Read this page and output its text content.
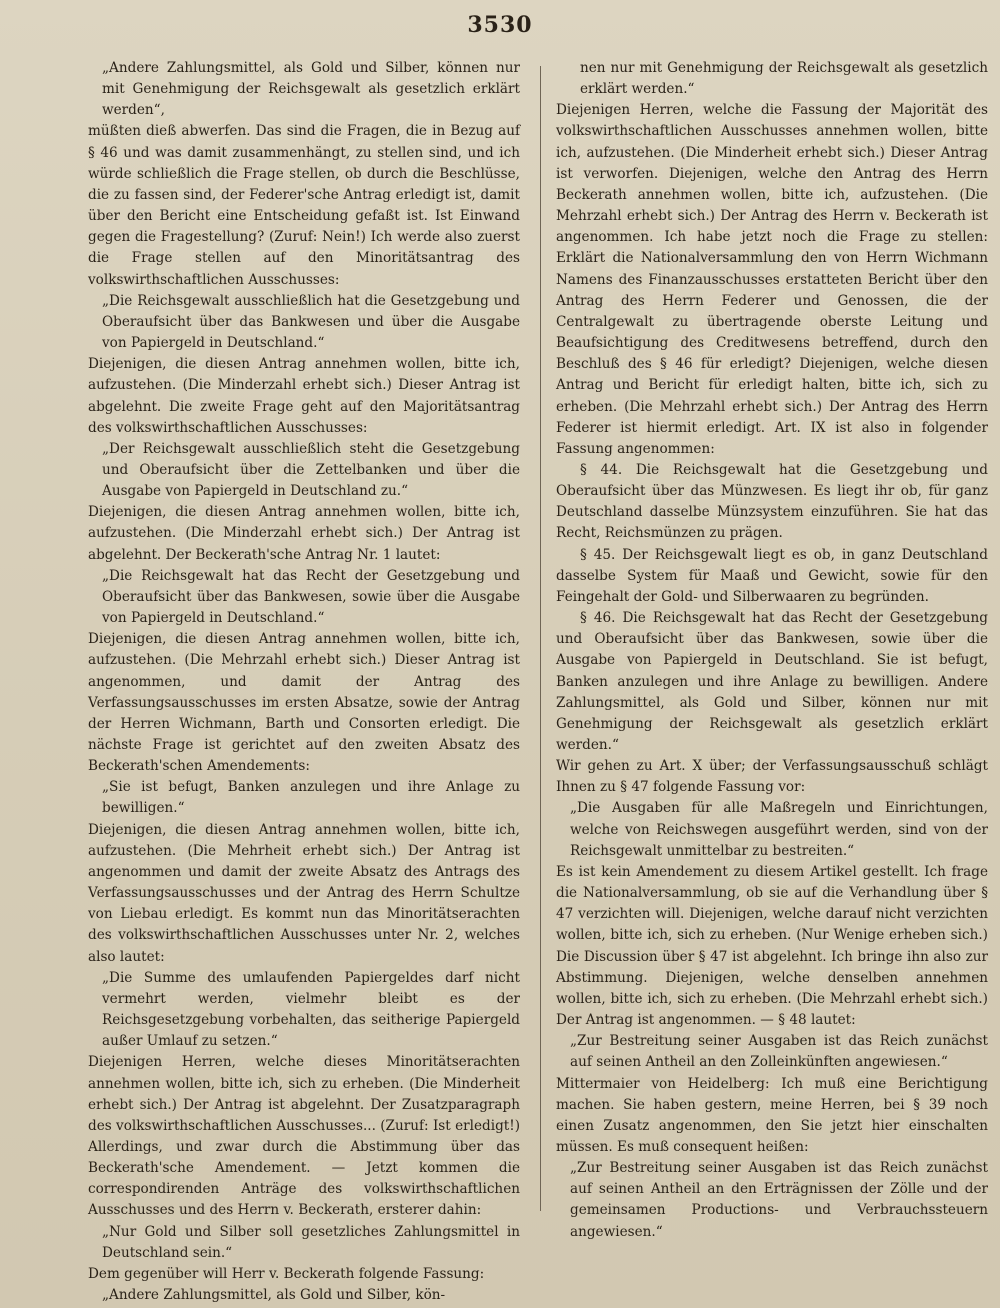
3530

„Andere Zahlungsmittel, als Gold und Silber, können nur mit Genehmigung der Reichsgewalt als gesetzlich erklärt werden“,

müßten dieß abwerfen. Das sind die Fragen, die in Bezug auf § 46 und was damit zusammenhängt, zu stellen sind, und ich würde schließlich die Frage stellen, ob durch die Beschlüsse, die zu fassen sind, der Federer'sche Antrag erledigt ist, damit über den Bericht eine Entscheidung gefaßt ist. Ist Einwand gegen die Fragestellung? (Zuruf: Nein!) Ich werde also zuerst die Frage stellen auf den Minoritätsantrag des volkswirthschaftlichen Ausschusses:

„Die Reichsgewalt ausschließlich hat die Gesetzgebung und Oberaufsicht über das Bankwesen und über die Ausgabe von Papiergeld in Deutschland.“

Diejenigen, die diesen Antrag annehmen wollen, bitte ich, aufzustehen. (Die Minderzahl erhebt sich.) Dieser Antrag ist abgelehnt. Die zweite Frage geht auf den Majoritätsantrag des volkswirthschaftlichen Ausschusses:

„Der Reichsgewalt ausschließlich steht die Gesetzgebung und Oberaufsicht über die Zettelbanken und über die Ausgabe von Papiergeld in Deutschland zu.“

Diejenigen, die diesen Antrag annehmen wollen, bitte ich, aufzustehen. (Die Minderzahl erhebt sich.) Der Antrag ist abgelehnt. Der Beckerath'sche Antrag Nr. 1 lautet:

„Die Reichsgewalt hat das Recht der Gesetzgebung und Oberaufsicht über das Bankwesen, sowie über die Ausgabe von Papiergeld in Deutschland.“

Diejenigen, die diesen Antrag annehmen wollen, bitte ich, aufzustehen. (Die Mehrzahl erhebt sich.) Dieser Antrag ist angenommen, und damit der Antrag des Verfassungsausschusses im ersten Absatze, sowie der Antrag der Herren Wichmann, Barth und Consorten erledigt. Die nächste Frage ist gerichtet auf den zweiten Absatz des Beckerath'schen Amendements:

„Sie ist befugt, Banken anzulegen und ihre Anlage zu bewilligen.“

Diejenigen, die diesen Antrag annehmen wollen, bitte ich, aufzustehen. (Die Mehrheit erhebt sich.) Der Antrag ist angenommen und damit der zweite Absatz des Antrags des Verfassungsausschusses und der Antrag des Herrn Schultze von Liebau erledigt. Es kommt nun das Minoritätserachten des volkswirthschaftlichen Ausschusses unter Nr. 2, welches also lautet:

„Die Summe des umlaufenden Papiergeldes darf nicht vermehrt werden, vielmehr bleibt es der Reichsgesetzgebung vorbehalten, das seitherige Papiergeld außer Umlauf zu setzen.“

Diejenigen Herren, welche dieses Minoritätserachten annehmen wollen, bitte ich, sich zu erheben. (Die Minderheit erhebt sich.) Der Antrag ist abgelehnt. Der Zusatzparagraph des volkswirthschaftlichen Ausschusses... (Zuruf: Ist erledigt!) Allerdings, und zwar durch die Abstimmung über das Beckerath'sche Amendement. — Jetzt kommen die correspondirenden Anträge des volkswirthschaftlichen Ausschusses und des Herrn v. Beckerath, ersterer dahin:

„Nur Gold und Silber soll gesetzliches Zahlungsmittel in Deutschland sein.“

Dem gegenüber will Herr v. Beckerath folgende Fassung:

„Andere Zahlungsmittel, als Gold und Silber, kön-

nen nur mit Genehmigung der Reichsgewalt als gesetzlich erklärt werden.“

Diejenigen Herren, welche die Fassung der Majorität des volkswirthschaftlichen Ausschusses annehmen wollen, bitte ich, aufzustehen. (Die Minderheit erhebt sich.) Dieser Antrag ist verworfen. Diejenigen, welche den Antrag des Herrn Beckerath annehmen wollen, bitte ich, aufzustehen. (Die Mehrzahl erhebt sich.) Der Antrag des Herrn v. Beckerath ist angenommen. Ich habe jetzt noch die Frage zu stellen: Erklärt die Nationalversammlung den von Herrn Wichmann Namens des Finanzausschusses erstatteten Bericht über den Antrag des Herrn Federer und Genossen, die der Centralgewalt zu übertragende oberste Leitung und Beaufsichtigung des Creditwesens betreffend, durch den Beschluß des § 46 für erledigt? Diejenigen, welche diesen Antrag und Bericht für erledigt halten, bitte ich, sich zu erheben. (Die Mehrzahl erhebt sich.) Der Antrag des Herrn Federer ist hiermit erledigt. Art. IX ist also in folgender Fassung angenommen:

§ 44. Die Reichsgewalt hat die Gesetzgebung und Oberaufsicht über das Münzwesen. Es liegt ihr ob, für ganz Deutschland dasselbe Münzsystem einzuführen. Sie hat das Recht, Reichsmünzen zu prägen.

§ 45. Der Reichsgewalt liegt es ob, in ganz Deutschland dasselbe System für Maaß und Gewicht, sowie für den Feingehalt der Gold- und Silberwaaren zu begründen.

§ 46. Die Reichsgewalt hat das Recht der Gesetzgebung und Oberaufsicht über das Bankwesen, sowie über die Ausgabe von Papiergeld in Deutschland. Sie ist befugt, Banken anzulegen und ihre Anlage zu bewilligen. Andere Zahlungsmittel, als Gold und Silber, können nur mit Genehmigung der Reichsgewalt als gesetzlich erklärt werden.“

Wir gehen zu Art. X über; der Verfassungsausschuß schlägt Ihnen zu § 47 folgende Fassung vor:

„Die Ausgaben für alle Maßregeln und Einrichtungen, welche von Reichswegen ausgeführt werden, sind von der Reichsgewalt unmittelbar zu bestreiten.“

Es ist kein Amendement zu diesem Artikel gestellt. Ich frage die Nationalversammlung, ob sie auf die Verhandlung über § 47 verzichten will. Diejenigen, welche darauf nicht verzichten wollen, bitte ich, sich zu erheben. (Nur Wenige erheben sich.) Die Discussion über § 47 ist abgelehnt. Ich bringe ihn also zur Abstimmung. Diejenigen, welche denselben annehmen wollen, bitte ich, sich zu erheben. (Die Mehrzahl erhebt sich.) Der Antrag ist angenommen. — § 48 lautet:

„Zur Bestreitung seiner Ausgaben ist das Reich zunächst auf seinen Antheil an den Zolleinkünften angewiesen.“

Mittermaier von Heidelberg: Ich muß eine Berichtigung machen. Sie haben gestern, meine Herren, bei § 39 noch einen Zusatz angenommen, den Sie jetzt hier einschalten müssen. Es muß consequent heißen:

„Zur Bestreitung seiner Ausgaben ist das Reich zunächst auf seinen Antheil an den Erträgnissen der Zölle und der gemeinsamen Productions- und Verbrauchssteuern angewiesen.“
